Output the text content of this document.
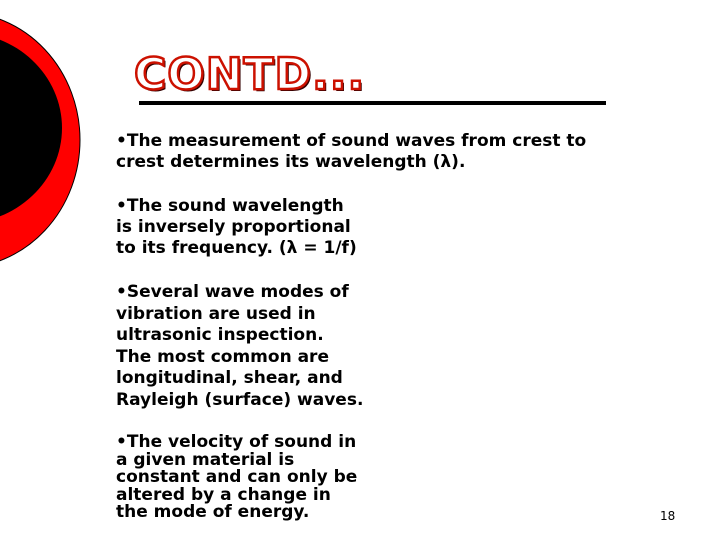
CONTD...

•The measurement of sound waves from crest to
crest determines its wavelength (λ).

•The sound wavelength
is inversely proportional
to its frequency. (λ = 1/f)

•Several wave modes of
vibration are used in
ultrasonic inspection.
The most common are
longitudinal, shear, and
Rayleigh (surface) waves.

•The velocity of sound in
a given material is
constant and can only be
altered by a change in
the mode of energy.	18
